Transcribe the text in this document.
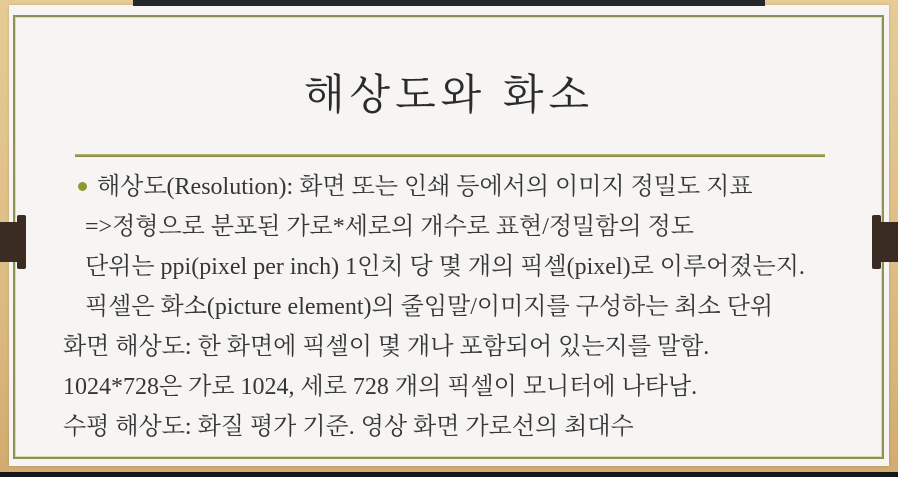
해상도와 화소
해상도(Resolution): 화면 또는 인쇄 등에서의 이미지 정밀도 지표
=>정형으로 분포된 가로*세로의 개수로 표현/정밀함의 정도
단위는 ppi(pixel per inch) 1인치 당 몇 개의 픽셀(pixel)로 이루어졌는지.
픽셀은 화소(picture element)의 줄임말/이미지를 구성하는 최소 단위
화면 해상도: 한 화면에 픽셀이 몇 개나 포함되어 있는지를 말함.
1024*728은 가로 1024, 세로 728 개의 픽셀이 모니터에 나타남.
수평 해상도: 화질 평가 기준. 영상 화면 가로선의 최대수
